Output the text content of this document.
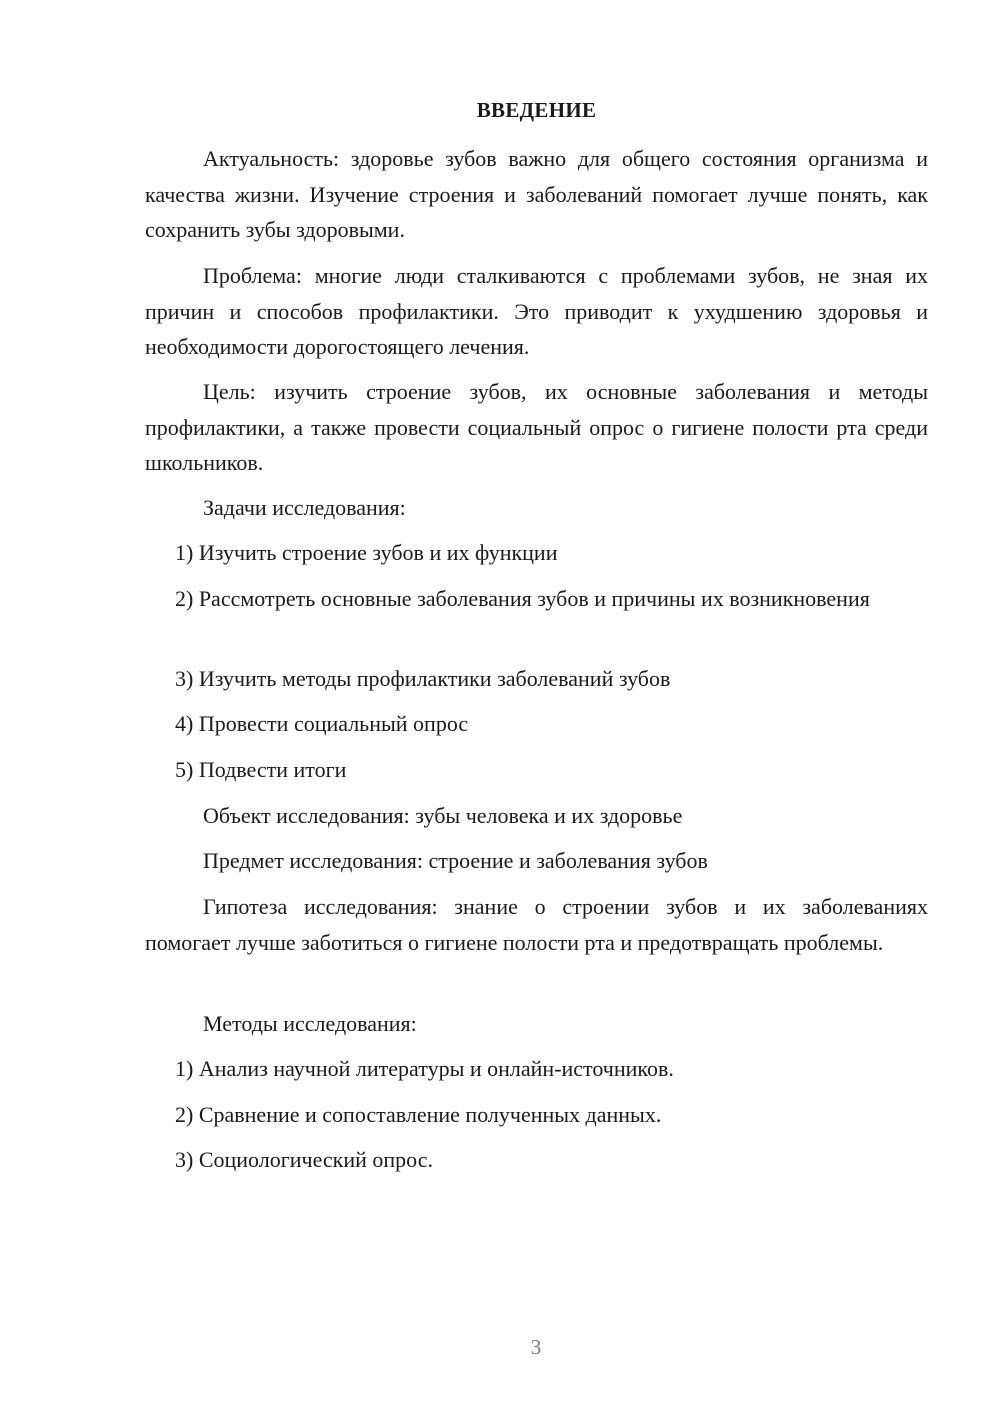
ВВЕДЕНИЕ

Актуальность: здоровье зубов важно для общего состояния организма и качества жизни. Изучение строения и заболеваний помогает лучше понять, как сохранить зубы здоровыми.

Проблема: многие люди сталкиваются с проблемами зубов, не зная их причин и способов профилактики. Это приводит к ухудшению здоровья и необходимости дорогостоящего лечения.

Цель: изучить строение зубов, их основные заболевания и методы профилактики, а также провести социальный опрос о гигиене полости рта среди школьников.

Задачи исследования:

1) Изучить строение зубов и их функции

2) Рассмотреть основные заболевания зубов и причины их возникновения

3) Изучить методы профилактики заболеваний зубов

4) Провести социальный опрос

5) Подвести итоги

Объект исследования: зубы человека и их здоровье

Предмет исследования: строение и заболевания зубов

Гипотеза исследования: знание о строении зубов и их заболеваниях помогает лучше заботиться о гигиене полости рта и предотвращать проблемы.

Методы исследования:

1) Анализ научной литературы и онлайн-источников.

2) Сравнение и сопоставление полученных данных.

3) Социологический опрос.

3
